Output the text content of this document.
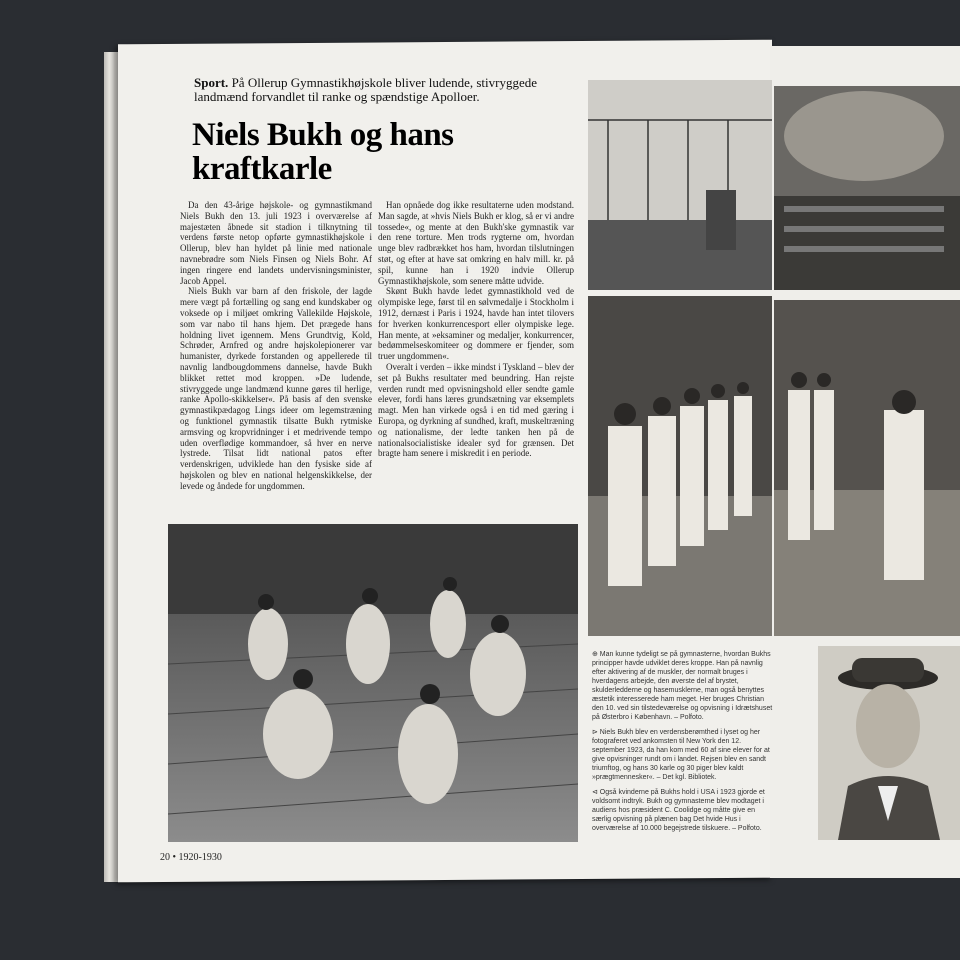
Sport. På Ollerup Gymnastikhøjskole bliver ludende, stivryggede landmænd forvandlet til ranke og spændstige Apolloer.
Niels Bukh og hans kraftkarle

Da den 43-årige højskole- og gymnastikmand Niels Bukh den 13. juli 1923 i overværelse af majestæten åbnede sit stadion i tilknytning til verdens første netop opførte gymnastikhøjskole i Ollerup, blev han hyldet på linie med nationale navnebrødre som Niels Finsen og Niels Bohr. Af ingen ringere end landets undervisningsminister, Jacob Appel.

Niels Bukh var barn af den friskole, der lagde mere vægt på fortælling og sang end kundskaber og voksede op i miljøet omkring Vallekilde Højskole, som var nabo til hans hjem. Det prægede hans holdning livet igennem. Mens Grundtvig, Kold, Schrøder, Arnfred og andre højskolepionerer var humanister, dyrkede forstanden og appellerede til navnlig landbougdommens dannelse, havde Bukh blikket rettet mod kroppen. »De ludende, stivryggede unge landmænd kunne gøres til herlige, ranke Apollo-skikkelser«. På basis af den svenske gymnastikpædagog Lings ideer om legemstræning og funktionel gymnastik tilsatte Bukh rytmiske armsving og kropvridninger i et medrivende tempo uden overflødige kommandoer, så hver en nerve lystrede. Tilsat lidt national patos efter verdenskrigen, udviklede han den fysiske side af højskolen og blev en national helgenskikkelse, der levede og åndede for ungdommen.

Han opnåede dog ikke resultaterne uden modstand. Man sagde, at »hvis Niels Bukh er klog, så er vi andre tossede«, og mente at den Bukh'ske gymnastik var den rene torture. Men trods rygterne om, hvordan unge blev radbrækket hos ham, hvordan tilslutningen støt, og efter at have sat omkring en halv mill. kr. på spil, kunne han i 1920 indvie Ollerup Gymnastikhøjskole, som senere måtte udvide.

Skønt Bukh havde ledet gymnastikhold ved de olympiske lege, først til en sølvmedalje i Stockholm i 1912, dernæst i Paris i 1924, havde han intet tilovers for hverken konkurrencesport eller olympiske lege. Han mente, at »eksaminer og medaljer, konkurrencer, bedømmelseskomiteer og dommere er fjender, som truer ungdommen«.

Overalt i verden – ikke mindst i Tyskland – blev der set på Bukhs resultater med beundring. Han rejste verden rundt med opvisningshold eller sendte gamle elever, fordi hans læres grundsætning var eksemplets magt. Men han virkede også i en tid med gæring i Europa, og dyrkning af sundhed, kraft, muskeltræning og nationalisme, der ledte tanken hen på de nationalsocialistiske idealer syd for grænsen. Det bragte ham senere i miskredit i en periode.

⊕ Man kunne tydeligt se på gymnasterne, hvordan Bukhs principper havde udviklet deres kroppe. Han på navnlig efter aktivering af de muskler, der normalt bruges i hverdagens arbejde, den øverste del af brystet, skulderledderne og hasemusklerne, man også benyttes æstetik interesserede ham meget. Her bruges Christian den 10. ved sin tilstedeværelse og opvisning i Idrætshuset på Østerbro i København. – Polfoto.

⊳ Niels Bukh blev en verdensberømthed i lyset og her fotograferet ved ankomsten til New York den 12. september 1923, da han kom med 60 af sine elever for at give opvisninger rundt om i landet. Rejsen blev en sandt triumftog, og hans 30 karle og 30 piger blev kaldt »prægtmennesker«. – Det kgl. Bibliotek.

⊲ Også kvinderne på Bukhs hold i USA i 1923 gjorde et voldsomt indtryk. Bukh og gymnasterne blev modtaget i audiens hos præsident C. Coolidge og måtte give en særlig opvisning på plænen bag Det hvide Hus i overværelse af 10.000 begejstrede tilskuere. – Polfoto.

20 • 1920-1930
